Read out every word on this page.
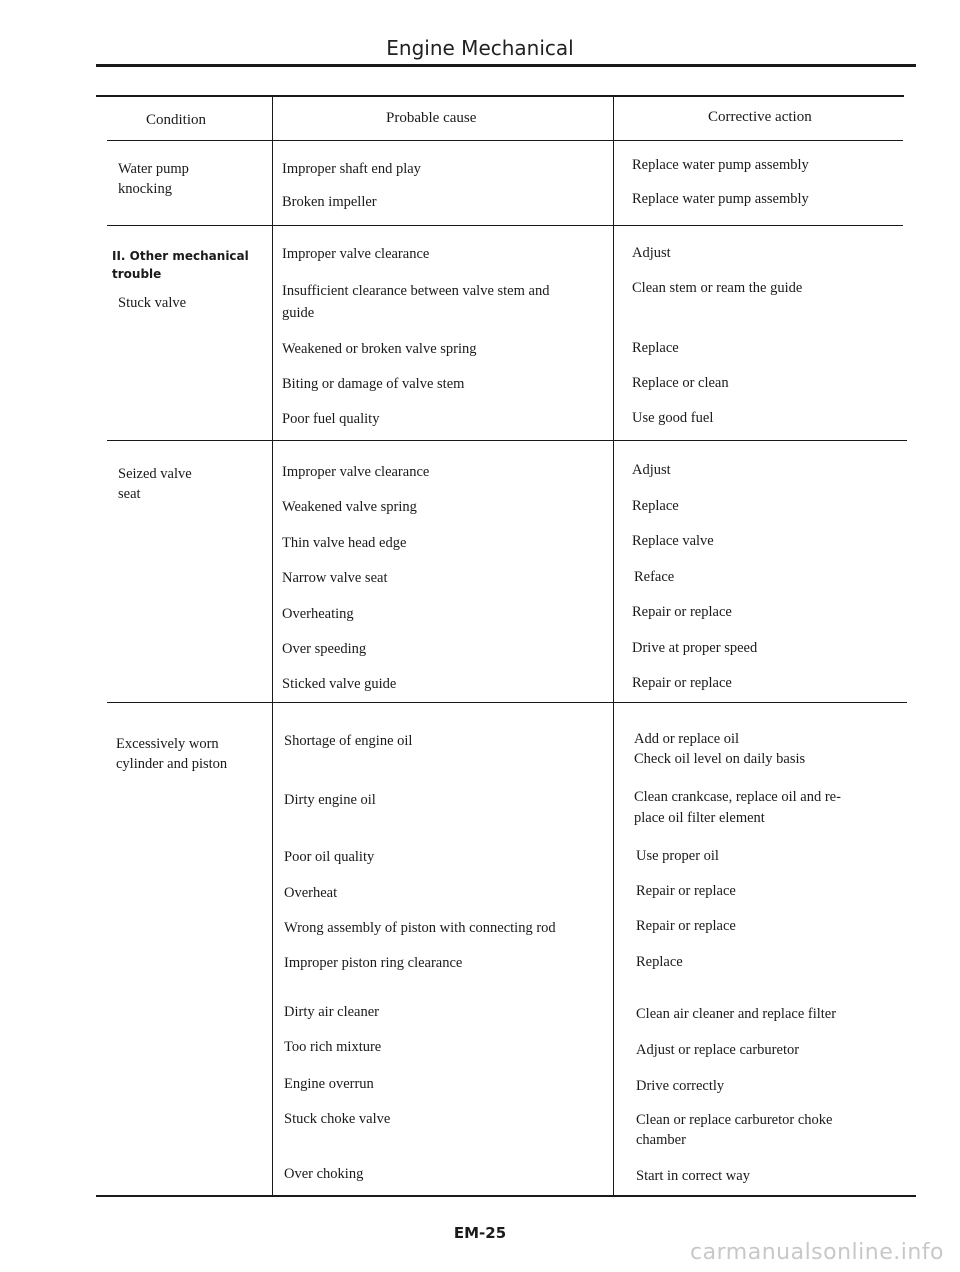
Engine Mechanical
Condition	Probable cause	Corrective action
Water pump
knocking
Improper shaft end play
Broken impeller
Replace water pump assembly
Replace water pump assembly
II. Other mechanical
trouble
Stuck valve
Improper valve clearance
Insufficient clearance between valve stem and
guide
Weakened or broken valve spring
Biting or damage of valve stem
Poor fuel quality
Adjust
Clean stem or ream the guide
Replace
Replace or clean
Use good fuel
Seized valve
seat
Improper valve clearance
Weakened valve spring
Thin valve head edge
Narrow valve seat
Overheating
Over speeding
Sticked valve guide
Adjust
Replace
Replace valve
Reface
Repair or replace
Drive at proper speed
Repair or replace
Excessively worn
cylinder and piston
Shortage of engine oil
Dirty engine oil
Poor oil quality
Overheat
Wrong assembly of piston with connecting rod
Improper piston ring clearance
Dirty air cleaner
Too rich mixture
Engine overrun
Stuck choke valve
Over choking
Add or replace oil
Check oil level on daily basis
Clean crankcase, replace oil and re-
place oil filter element
Use proper oil
Repair or replace
Repair or replace
Replace
Clean air cleaner and replace filter
Adjust or replace carburetor
Drive correctly
Clean or replace carburetor choke
chamber
Start in correct way
EM-25
carmanualsonline.info
